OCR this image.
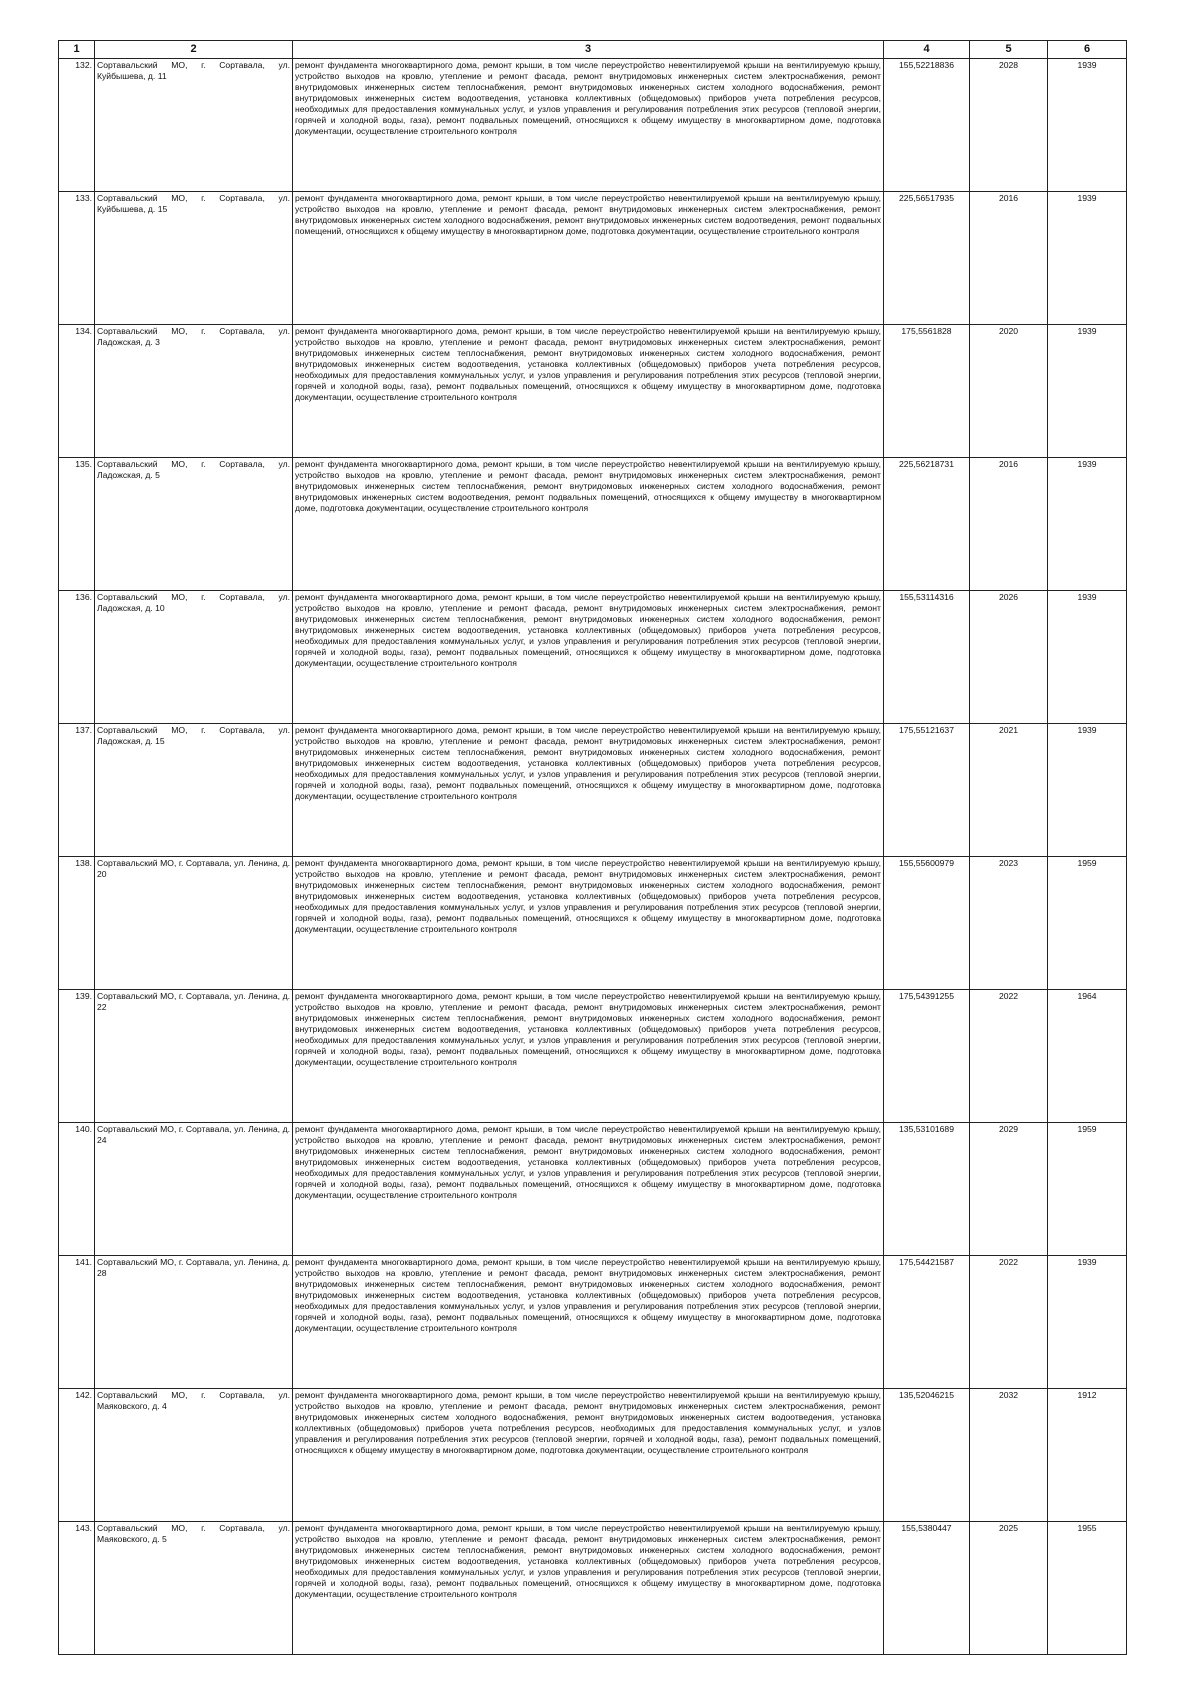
1	2	3	4	5	6
132.	Сортавальский МО, г. Сортавала, ул. Куйбышева, д. 11	ремонт фундамента многоквартирного дома, ремонт крыши, в том числе переустройство невентилируемой крыши на вентилируемую крышу, устройство выходов на кровлю, утепление и ремонт фасада, ремонт внутридомовых инженерных систем электроснабжения, ремонт внутридомовых инженерных систем теплоснабжения, ремонт внутридомовых инженерных систем холодного водоснабжения, ремонт внутридомовых инженерных систем водоотведения, установка коллективных (общедомовых) приборов учета потребления ресурсов, необходимых для предоставления коммунальных услуг, и узлов управления и регулирования потребления этих ресурсов (тепловой энергии, горячей и холодной воды, газа), ремонт подвальных помещений, относящихся к общему имуществу в многоквартирном доме, подготовка документации, осуществление строительного контроля	155,52218836	2028	1939
133.	Сортавальский МО, г. Сортавала, ул. Куйбышева, д. 15	ремонт фундамента многоквартирного дома, ремонт крыши, в том числе переустройство невентилируемой крыши на вентилируемую крышу, устройство выходов на кровлю, утепление и ремонт фасада, ремонт внутридомовых инженерных систем электроснабжения, ремонт внутридомовых инженерных систем холодного водоснабжения, ремонт внутридомовых инженерных систем водоотведения, ремонт подвальных помещений, относящихся к общему имуществу в многоквартирном доме, подготовка документации, осуществление строительного контроля	225,56517935	2016	1939
134.	Сортавальский МО, г. Сортавала, ул. Ладожская, д. 3	ремонт фундамента многоквартирного дома, ремонт крыши, в том числе переустройство невентилируемой крыши на вентилируемую крышу, устройство выходов на кровлю, утепление и ремонт фасада, ремонт внутридомовых инженерных систем электроснабжения, ремонт внутридомовых инженерных систем теплоснабжения, ремонт внутридомовых инженерных систем холодного водоснабжения, ремонт внутридомовых инженерных систем водоотведения, установка коллективных (общедомовых) приборов учета потребления ресурсов, необходимых для предоставления коммунальных услуг, и узлов управления и регулирования потребления этих ресурсов (тепловой энергии, горячей и холодной воды, газа), ремонт подвальных помещений, относящихся к общему имуществу в многоквартирном доме, подготовка документации, осуществление строительного контроля	175,5561828	2020	1939
135.	Сортавальский МО, г. Сортавала, ул. Ладожская, д. 5	ремонт фундамента многоквартирного дома, ремонт крыши, в том числе переустройство невентилируемой крыши на вентилируемую крышу, устройство выходов на кровлю, утепление и ремонт фасада, ремонт внутридомовых инженерных систем электроснабжения, ремонт внутридомовых инженерных систем теплоснабжения, ремонт внутридомовых инженерных систем холодного водоснабжения, ремонт внутридомовых инженерных систем водоотведения, ремонт подвальных помещений, относящихся к общему имуществу в многоквартирном доме, подготовка документации, осуществление строительного контроля	225,56218731	2016	1939
136.	Сортавальский МО, г. Сортавала, ул. Ладожская, д. 10	ремонт фундамента многоквартирного дома, ремонт крыши, в том числе переустройство невентилируемой крыши на вентилируемую крышу, устройство выходов на кровлю, утепление и ремонт фасада, ремонт внутридомовых инженерных систем электроснабжения, ремонт внутридомовых инженерных систем теплоснабжения, ремонт внутридомовых инженерных систем холодного водоснабжения, ремонт внутридомовых инженерных систем водоотведения, установка коллективных (общедомовых) приборов учета потребления ресурсов, необходимых для предоставления коммунальных услуг, и узлов управления и регулирования потребления этих ресурсов (тепловой энергии, горячей и холодной воды, газа), ремонт подвальных помещений, относящихся к общему имуществу в многоквартирном доме, подготовка документации, осуществление строительного контроля	155,53114316	2026	1939
137.	Сортавальский МО, г. Сортавала, ул. Ладожская, д. 15	ремонт фундамента многоквартирного дома, ремонт крыши, в том числе переустройство невентилируемой крыши на вентилируемую крышу, устройство выходов на кровлю, утепление и ремонт фасада, ремонт внутридомовых инженерных систем электроснабжения, ремонт внутридомовых инженерных систем теплоснабжения, ремонт внутридомовых инженерных систем холодного водоснабжения, ремонт внутридомовых инженерных систем водоотведения, установка коллективных (общедомовых) приборов учета потребления ресурсов, необходимых для предоставления коммунальных услуг, и узлов управления и регулирования потребления этих ресурсов (тепловой энергии, горячей и холодной воды, газа), ремонт подвальных помещений, относящихся к общему имуществу в многоквартирном доме, подготовка документации, осуществление строительного контроля	175,55121637	2021	1939
138.	Сортавальский МО, г. Сортавала, ул. Ленина, д. 20	ремонт фундамента многоквартирного дома, ремонт крыши, в том числе переустройство невентилируемой крыши на вентилируемую крышу, устройство выходов на кровлю, утепление и ремонт фасада, ремонт внутридомовых инженерных систем электроснабжения, ремонт внутридомовых инженерных систем теплоснабжения, ремонт внутридомовых инженерных систем холодного водоснабжения, ремонт внутридомовых инженерных систем водоотведения, установка коллективных (общедомовых) приборов учета потребления ресурсов, необходимых для предоставления коммунальных услуг, и узлов управления и регулирования потребления этих ресурсов (тепловой энергии, горячей и холодной воды, газа), ремонт подвальных помещений, относящихся к общему имуществу в многоквартирном доме, подготовка документации, осуществление строительного контроля	155,55600979	2023	1959
139.	Сортавальский МО, г. Сортавала, ул. Ленина, д. 22	ремонт фундамента многоквартирного дома, ремонт крыши, в том числе переустройство невентилируемой крыши на вентилируемую крышу, устройство выходов на кровлю, утепление и ремонт фасада, ремонт внутридомовых инженерных систем электроснабжения, ремонт внутридомовых инженерных систем теплоснабжения, ремонт внутридомовых инженерных систем холодного водоснабжения, ремонт внутридомовых инженерных систем водоотведения, установка коллективных (общедомовых) приборов учета потребления ресурсов, необходимых для предоставления коммунальных услуг, и узлов управления и регулирования потребления этих ресурсов (тепловой энергии, горячей и холодной воды, газа), ремонт подвальных помещений, относящихся к общему имуществу в многоквартирном доме, подготовка документации, осуществление строительного контроля	175,54391255	2022	1964
140.	Сортавальский МО, г. Сортавала, ул. Ленина, д. 24	ремонт фундамента многоквартирного дома, ремонт крыши, в том числе переустройство невентилируемой крыши на вентилируемую крышу, устройство выходов на кровлю, утепление и ремонт фасада, ремонт внутридомовых инженерных систем электроснабжения, ремонт внутридомовых инженерных систем теплоснабжения, ремонт внутридомовых инженерных систем холодного водоснабжения, ремонт внутридомовых инженерных систем водоотведения, установка коллективных (общедомовых) приборов учета потребления ресурсов, необходимых для предоставления коммунальных услуг, и узлов управления и регулирования потребления этих ресурсов (тепловой энергии, горячей и холодной воды, газа), ремонт подвальных помещений, относящихся к общему имуществу в многоквартирном доме, подготовка документации, осуществление строительного контроля	135,53101689	2029	1959
141.	Сортавальский МО, г. Сортавала, ул. Ленина, д. 28	ремонт фундамента многоквартирного дома, ремонт крыши, в том числе переустройство невентилируемой крыши на вентилируемую крышу, устройство выходов на кровлю, утепление и ремонт фасада, ремонт внутридомовых инженерных систем электроснабжения, ремонт внутридомовых инженерных систем теплоснабжения, ремонт внутридомовых инженерных систем холодного водоснабжения, ремонт внутридомовых инженерных систем водоотведения, установка коллективных (общедомовых) приборов учета потребления ресурсов, необходимых для предоставления коммунальных услуг, и узлов управления и регулирования потребления этих ресурсов (тепловой энергии, горячей и холодной воды, газа), ремонт подвальных помещений, относящихся к общему имуществу в многоквартирном доме, подготовка документации, осуществление строительного контроля	175,54421587	2022	1939
142.	Сортавальский МО, г. Сортавала, ул. Маяковского, д. 4	ремонт фундамента многоквартирного дома, ремонт крыши, в том числе переустройство невентилируемой крыши на вентилируемую крышу, устройство выходов на кровлю, утепление и ремонт фасада, ремонт внутридомовых инженерных систем электроснабжения, ремонт внутридомовых инженерных систем холодного водоснабжения, ремонт внутридомовых инженерных систем водоотведения, установка коллективных (общедомовых) приборов учета потребления ресурсов, необходимых для предоставления коммунальных услуг, и узлов управления и регулирования потребления этих ресурсов (тепловой энергии, горячей и холодной воды, газа), ремонт подвальных помещений, относящихся к общему имуществу в многоквартирном доме, подготовка документации, осуществление строительного контроля	135,52046215	2032	1912
143.	Сортавальский МО, г. Сортавала, ул. Маяковского, д. 5	ремонт фундамента многоквартирного дома, ремонт крыши, в том числе переустройство невентилируемой крыши на вентилируемую крышу, устройство выходов на кровлю, утепление и ремонт фасада, ремонт внутридомовых инженерных систем электроснабжения, ремонт внутридомовых инженерных систем теплоснабжения, ремонт внутридомовых инженерных систем холодного водоснабжения, ремонт внутридомовых инженерных систем водоотведения, установка коллективных (общедомовых) приборов учета потребления ресурсов, необходимых для предоставления коммунальных услуг, и узлов управления и регулирования потребления этих ресурсов (тепловой энергии, горячей и холодной воды, газа), ремонт подвальных помещений, относящихся к общему имуществу в многоквартирном доме, подготовка документации, осуществление строительного контроля	155,5380447	2025	1955
